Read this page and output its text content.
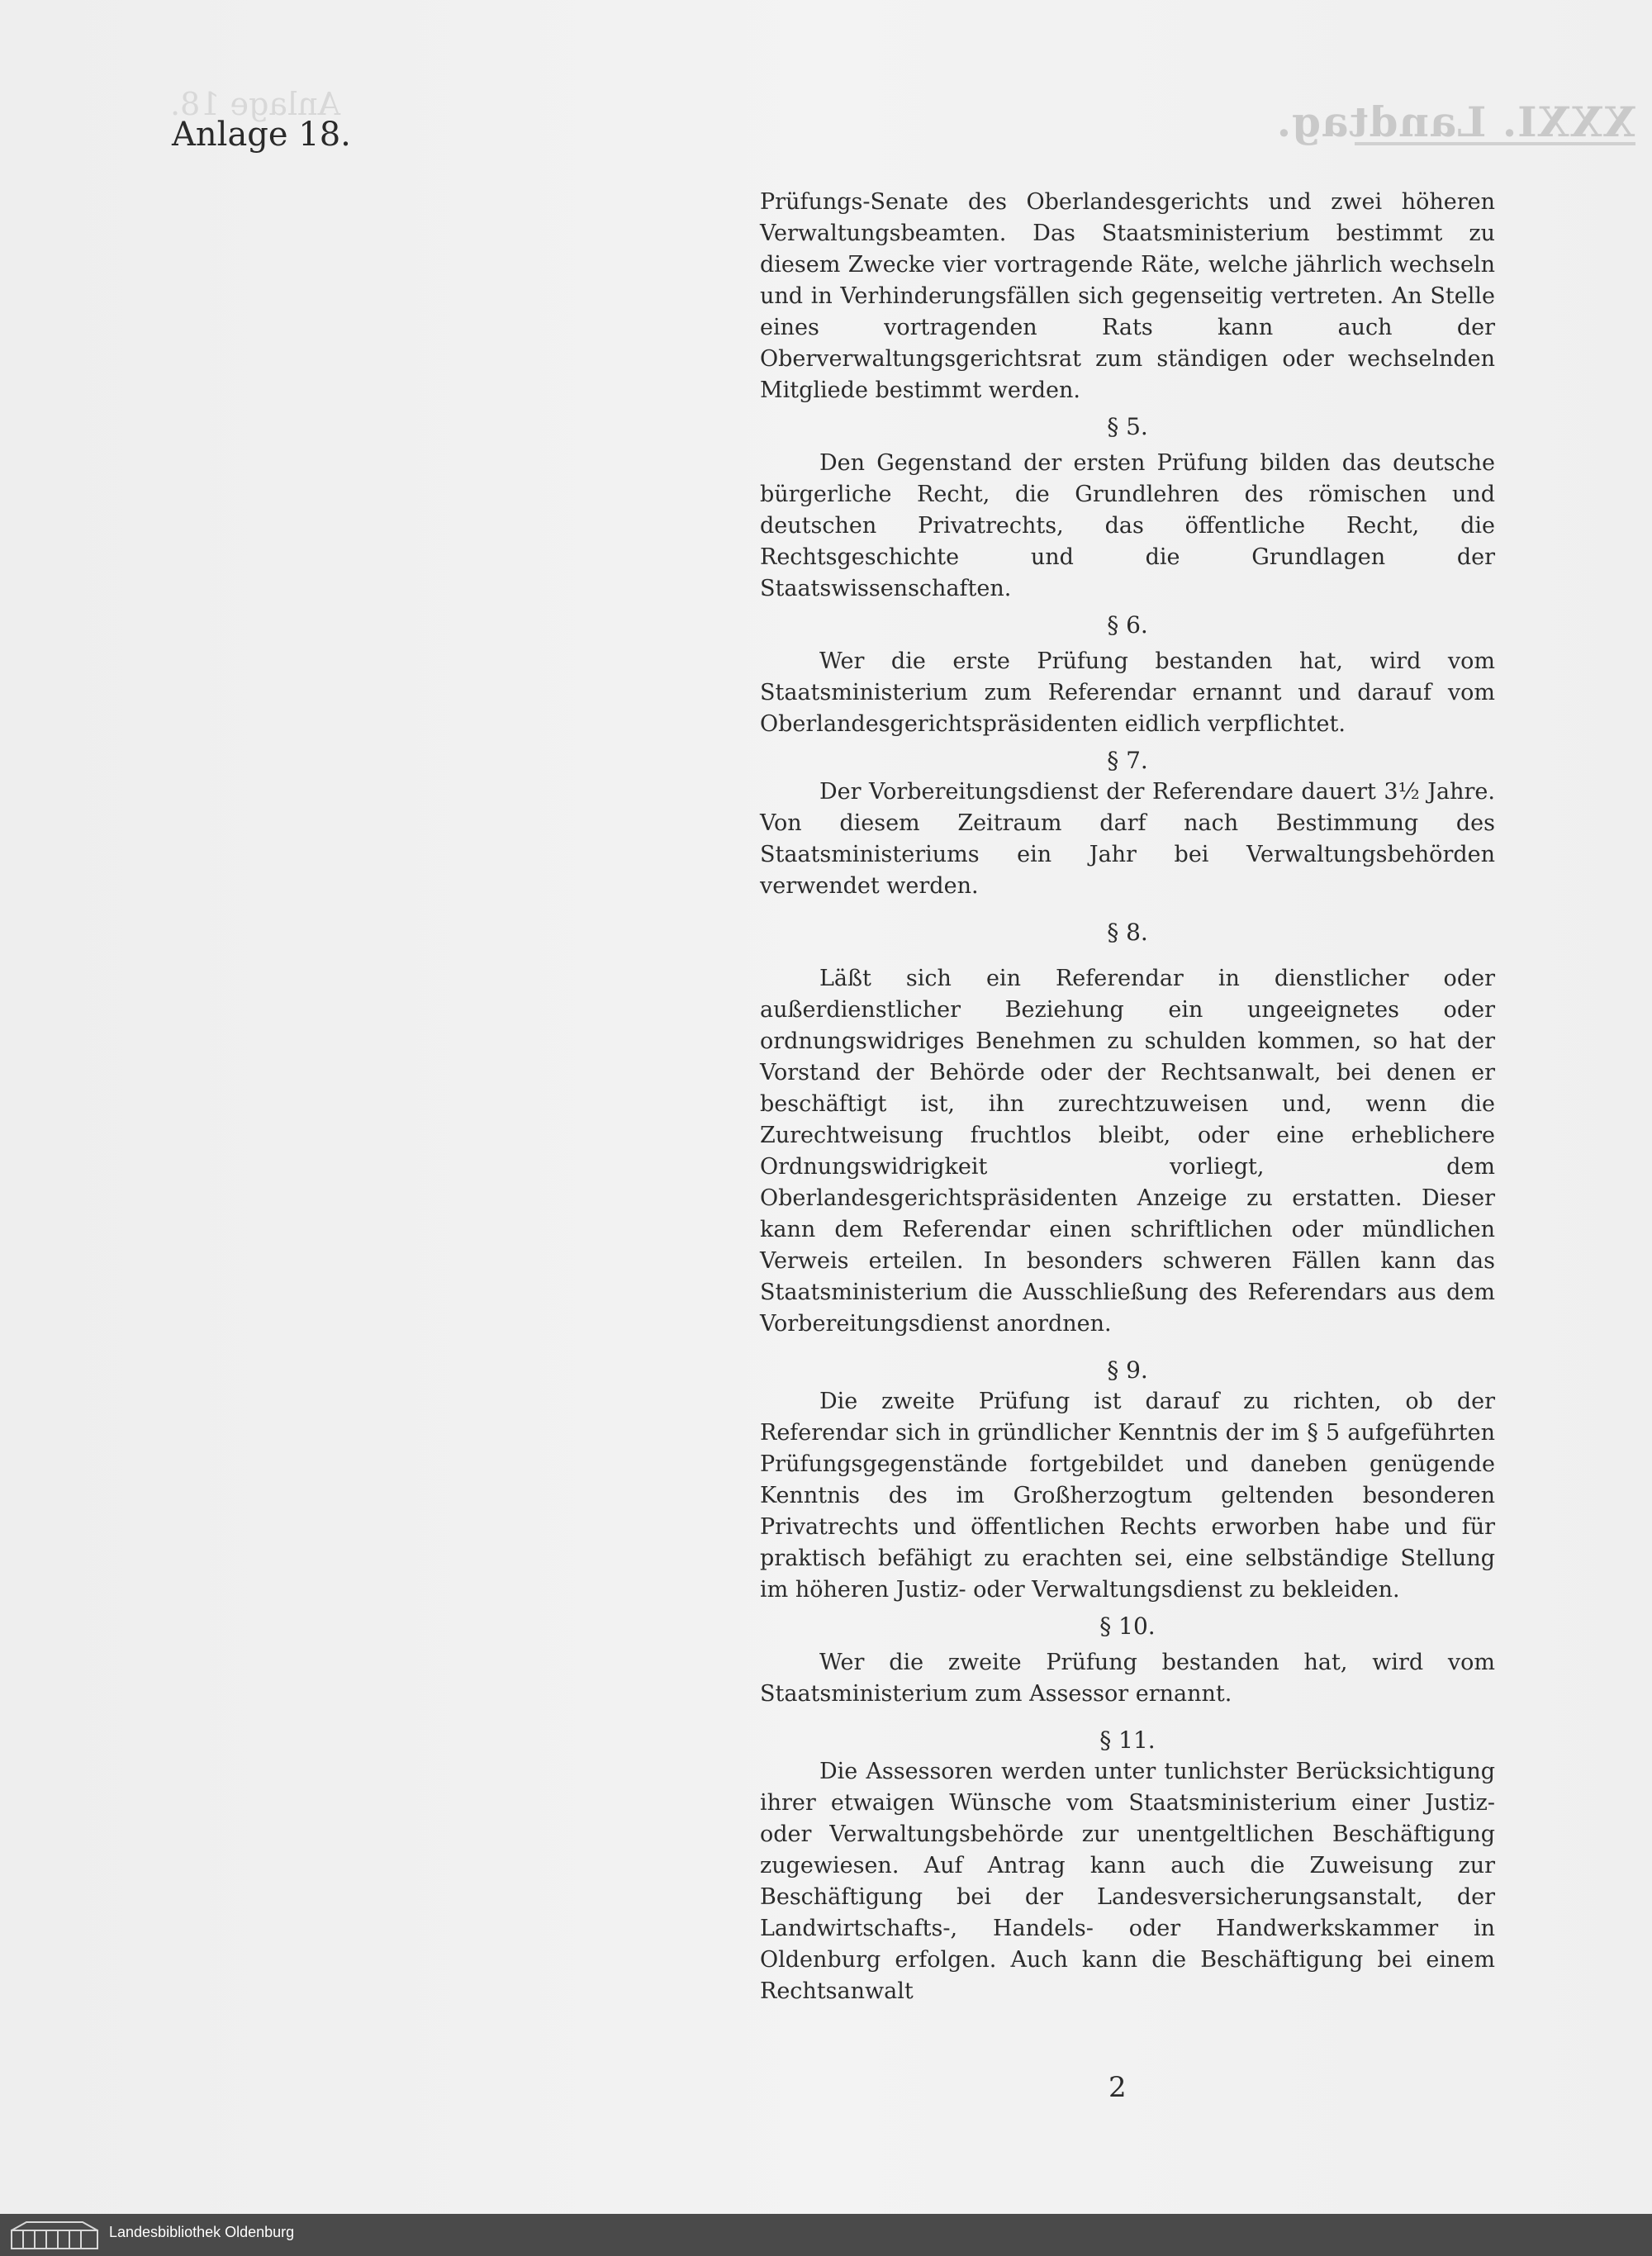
Anlage 18.	XXXI. Landtag.
Anlage 18.

Prüfungs-Senate des Oberlandesgerichts und zwei höheren Verwaltungsbeamten. Das Staatsministerium bestimmt zu diesem Zwecke vier vortragende Räte, welche jährlich wechseln und in Verhinderungsfällen sich gegenseitig vertreten. An Stelle eines vortragenden Rats kann auch der Oberverwaltungsgerichtsrat zum ständigen oder wechselnden Mitgliede bestimmt werden.

§ 5.

Den Gegenstand der ersten Prüfung bilden das deutsche bürgerliche Recht, die Grundlehren des römischen und deutschen Privatrechts, das öffentliche Recht, die Rechtsgeschichte und die Grundlagen der Staatswissenschaften.

§ 6.

Wer die erste Prüfung bestanden hat, wird vom Staatsministerium zum Referendar ernannt und darauf vom Oberlandesgerichtspräsidenten eidlich verpflichtet.

§ 7.

Der Vorbereitungsdienst der Referendare dauert 3½ Jahre. Von diesem Zeitraum darf nach Bestimmung des Staatsministeriums ein Jahr bei Verwaltungsbehörden verwendet werden.

§ 8.

Läßt sich ein Referendar in dienstlicher oder außerdienstlicher Beziehung ein ungeeignetes oder ordnungswidriges Benehmen zu schulden kommen, so hat der Vorstand der Behörde oder der Rechtsanwalt, bei denen er beschäftigt ist, ihn zurechtzuweisen und, wenn die Zurechtweisung fruchtlos bleibt, oder eine erheblichere Ordnungswidrigkeit vorliegt, dem Oberlandesgerichtspräsidenten Anzeige zu erstatten. Dieser kann dem Referendar einen schriftlichen oder mündlichen Verweis erteilen. In besonders schweren Fällen kann das Staatsministerium die Ausschließung des Referendars aus dem Vorbereitungsdienst anordnen.

§ 9.

Die zweite Prüfung ist darauf zu richten, ob der Referendar sich in gründlicher Kenntnis der im § 5 aufgeführten Prüfungsgegenstände fortgebildet und daneben genügende Kenntnis des im Großherzogtum geltenden besonderen Privatrechts und öffentlichen Rechts erworben habe und für praktisch befähigt zu erachten sei, eine selbständige Stellung im höheren Justiz- oder Verwaltungsdienst zu bekleiden.

§ 10.

Wer die zweite Prüfung bestanden hat, wird vom Staatsministerium zum Assessor ernannt.

§ 11.

Die Assessoren werden unter tunlichster Berücksichtigung ihrer etwaigen Wünsche vom Staatsministerium einer Justiz- oder Verwaltungsbehörde zur unentgeltlichen Beschäftigung zugewiesen. Auf Antrag kann auch die Zuweisung zur Beschäftigung bei der Landesversicherungsanstalt, der Landwirtschafts-, Handels- oder Handwerkskammer in Oldenburg erfolgen. Auch kann die Beschäftigung bei einem Rechtsanwalt

2
Landesbibliothek Oldenburg
